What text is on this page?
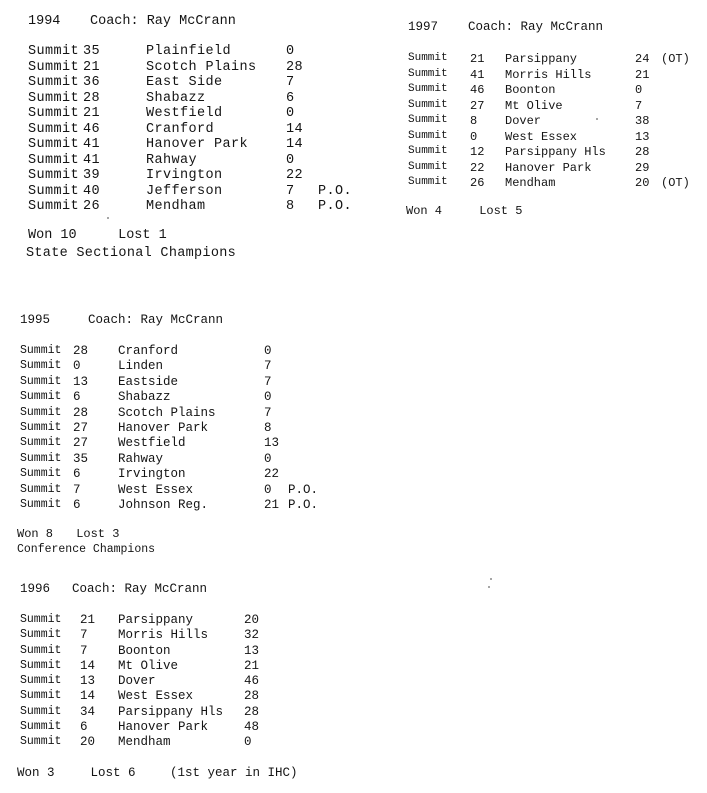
1994	Coach: Ray McCrann
Summit 35	Plainfield	0
Summit 21	Scotch Plains 28
Summit 36	East Side	7
Summit 28	Shabazz	6
Summit 21	Westfield	0
Summit 46	Cranford	14
Summit 41	Hanover Park	14
Summit 41	Rahway	0
Summit 39	Irvington	22
Summit 40	Jefferson	7 P.O.
Summit 26	Mendham	8 P.O.
Won 10	Lost 1
State Sectional Champions
1997	Coach: Ray McCrann
Summit 21 Parsippany	24 (OT)
Summit 41 Morris Hills	21
Summit 46 Boonton	0
Summit 27 Mt Olive	7
Summit 8 Dover	38
Summit 0 West Essex	13
Summit 12 Parsippany Hls 28
Summit 22 Hanover Park	29
Summit 26 Mendham	20 (OT)
Won 4	Lost 5
1995	Coach: Ray McCrann
Summit 28 Cranford	0
Summit 0	Linden	7
Summit 13 Eastside	7
Summit 6	Shabazz	0
Summit 28 Scotch Plains	7
Summit 27 Hanover Park	8
Summit 27 Westfield	13
Summit 35 Rahway	0
Summit 6	Irvington	22
Summit 7	West Essex	0 P.O.
Summit 6	Johnson Reg.	21 P.O.
Won 8 Lost 3
Conference Champions
1996	Coach: Ray McCrann
Summit 21 Parsippany	20
Summit 7 Morris Hills	32
Summit 7 Boonton	13
Summit 14 Mt Olive	21
Summit 13 Dover	46
Summit 14 West Essex	28
Summit 34 Parsippany Hls 28
Summit 6 Hanover Park	48
Summit 20 Mendham	0
Won 3	Lost 6	(1st year in IHC)
